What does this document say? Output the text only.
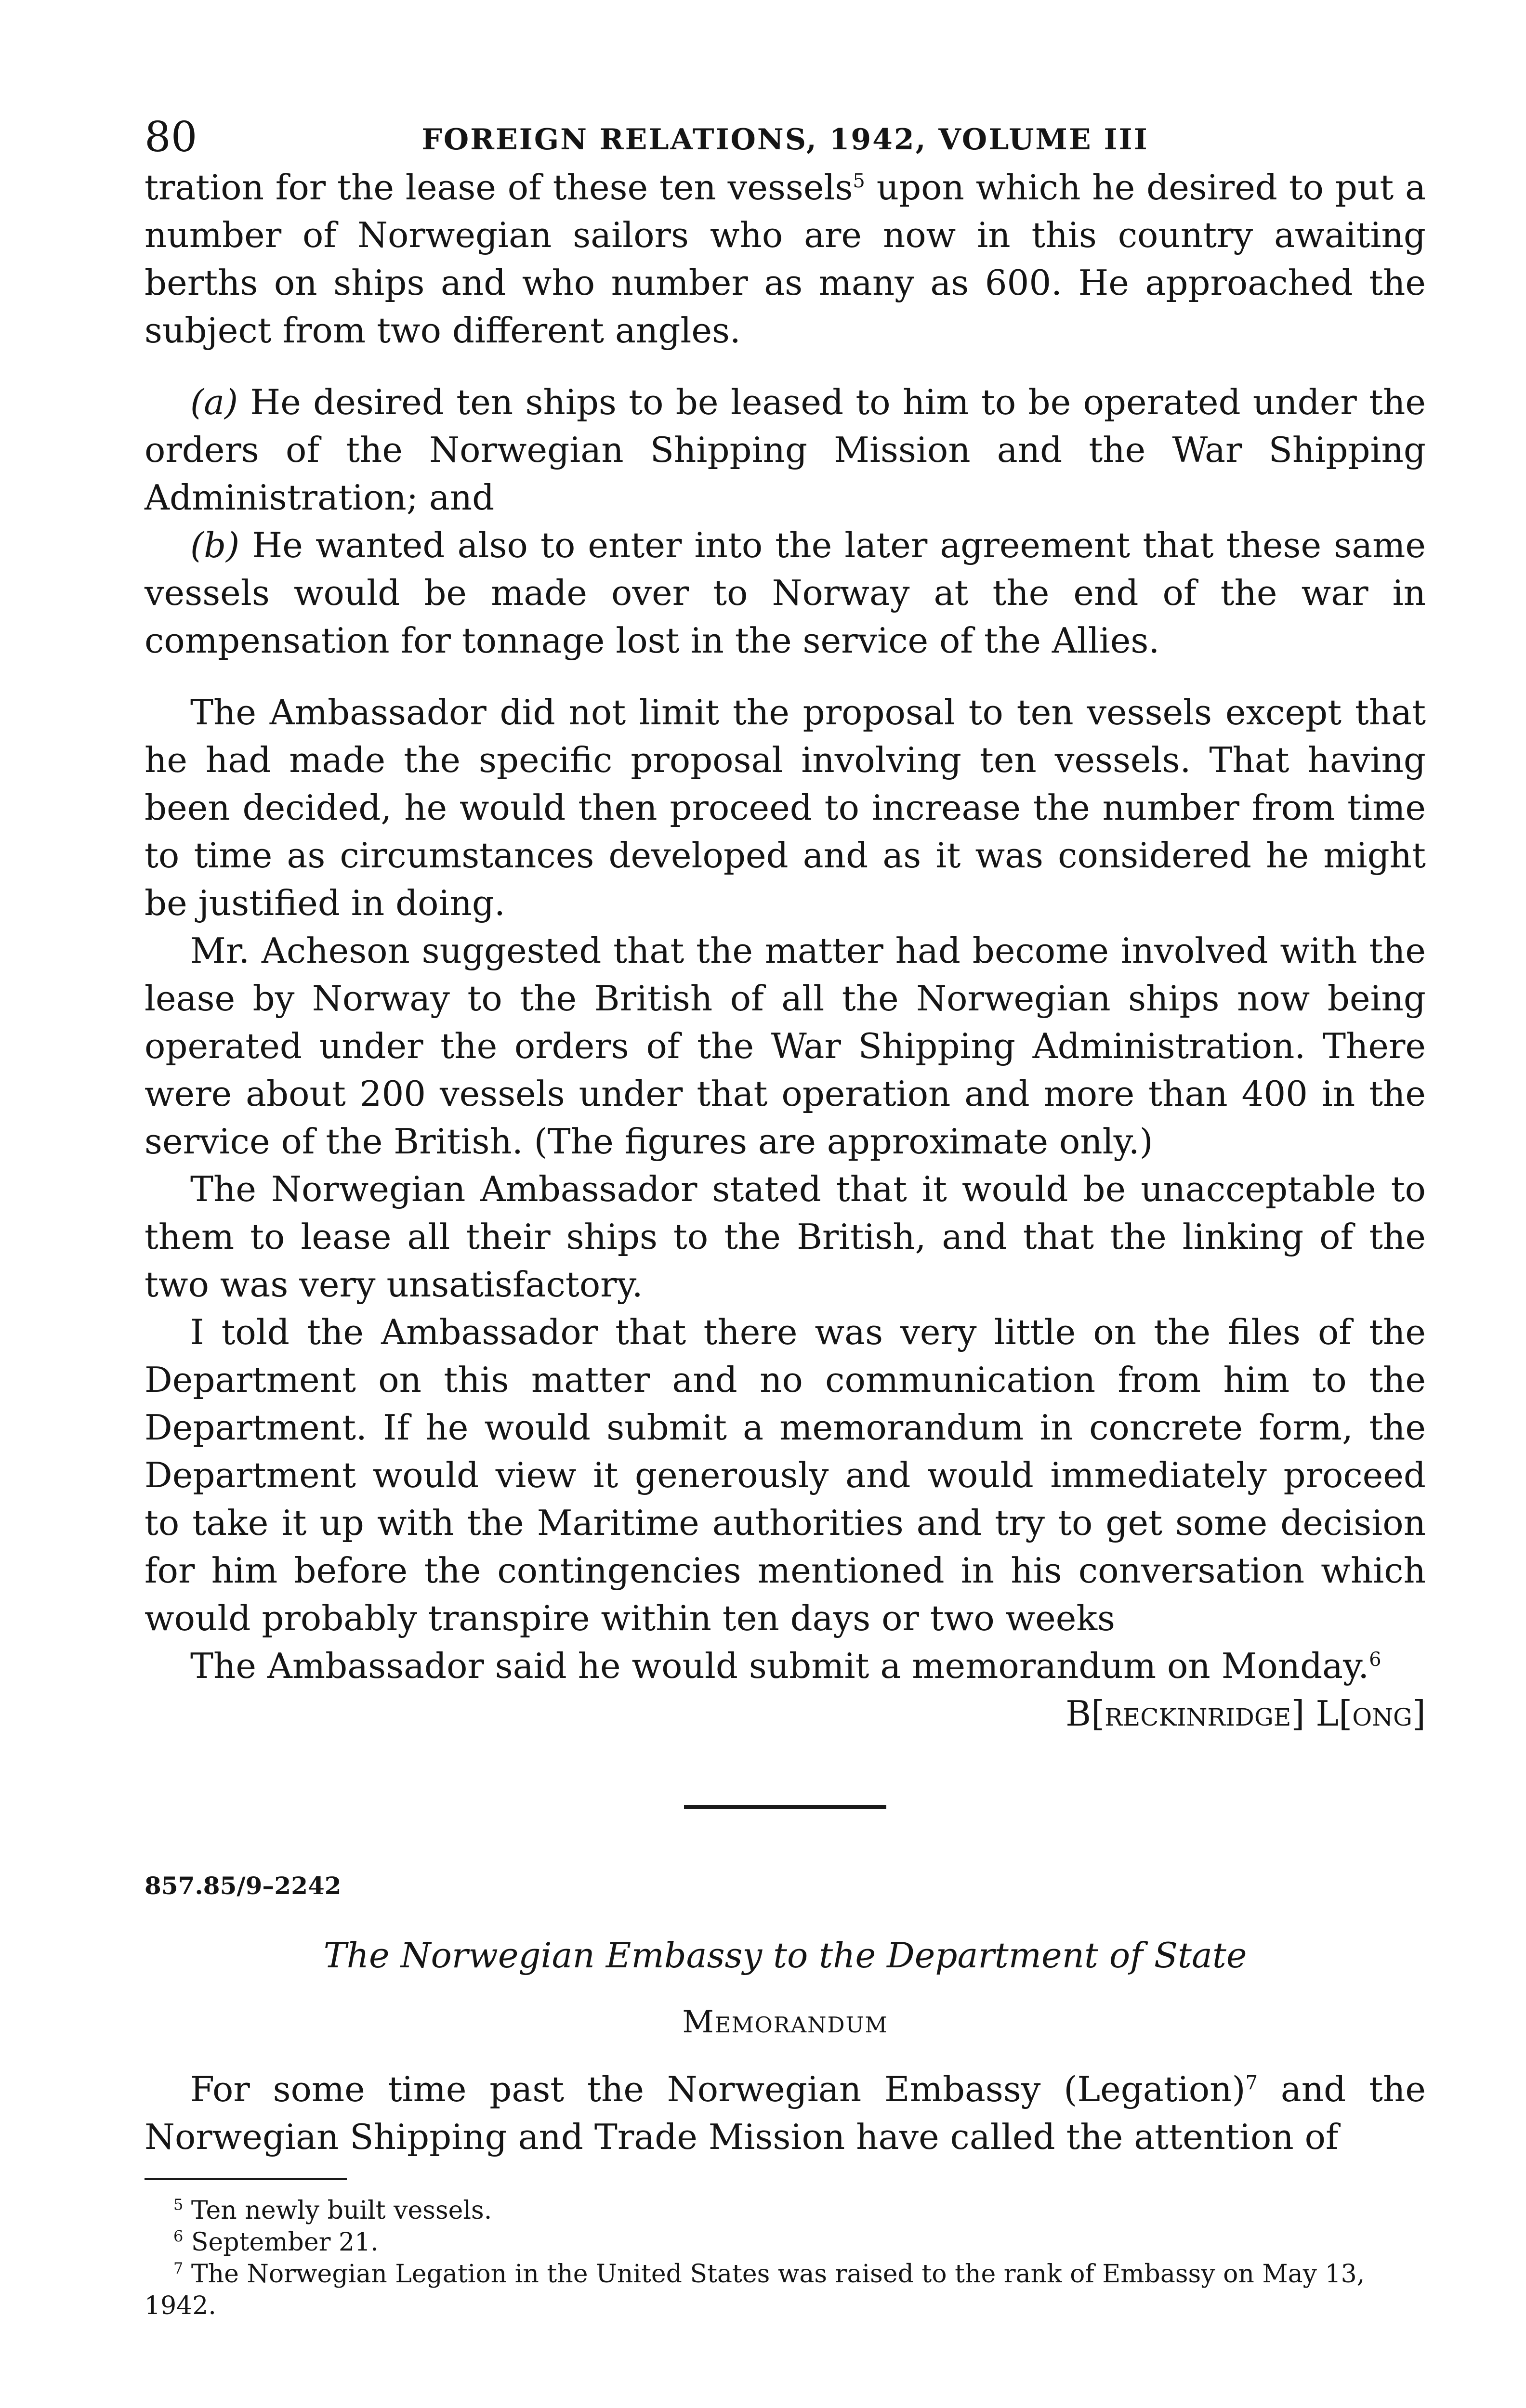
80	FOREIGN RELATIONS, 1942, VOLUME III

tration for the lease of these ten vessels$^5$ upon which he desired to put a number of Norwegian sailors who are now in this country awaiting berths on ships and who number as many as 600. He approached the subject from two different angles.

(a) He desired ten ships to be leased to him to be operated under the orders of the Norwegian Shipping Mission and the War Shipping Administration; and

(b) He wanted also to enter into the later agreement that these same vessels would be made over to Norway at the end of the war in compensation for tonnage lost in the service of the Allies.

The Ambassador did not limit the proposal to ten vessels except that he had made the specific proposal involving ten vessels. That having been decided, he would then proceed to increase the number from time to time as circumstances developed and as it was considered he might be justified in doing.

Mr. Acheson suggested that the matter had become involved with the lease by Norway to the British of all the Norwegian ships now being operated under the orders of the War Shipping Administration. There were about 200 vessels under that operation and more than 400 in the service of the British. (The figures are approximate only.)

The Norwegian Ambassador stated that it would be unacceptable to them to lease all their ships to the British, and that the linking of the two was very unsatisfactory.

I told the Ambassador that there was very little on the files of the Department on this matter and no communication from him to the Department. If he would submit a memorandum in concrete form, the Department would view it generously and would immediately proceed to take it up with the Maritime authorities and try to get some decision for him before the contingencies mentioned in his conversation which would probably transpire within ten days or two weeks

The Ambassador said he would submit a memorandum on Monday.$^6$

B[reckinridge] L[ong]
857.85/9–2242
The Norwegian Embassy to the Department of State
Memorandum

For some time past the Norwegian Embassy (Legation)$^7$ and the Norwegian Shipping and Trade Mission have called the attention of

$^5$ Ten newly built vessels.

$^6$ September 21.

$^7$ The Norwegian Legation in the United States was raised to the rank of Embassy on May 13, 1942.
